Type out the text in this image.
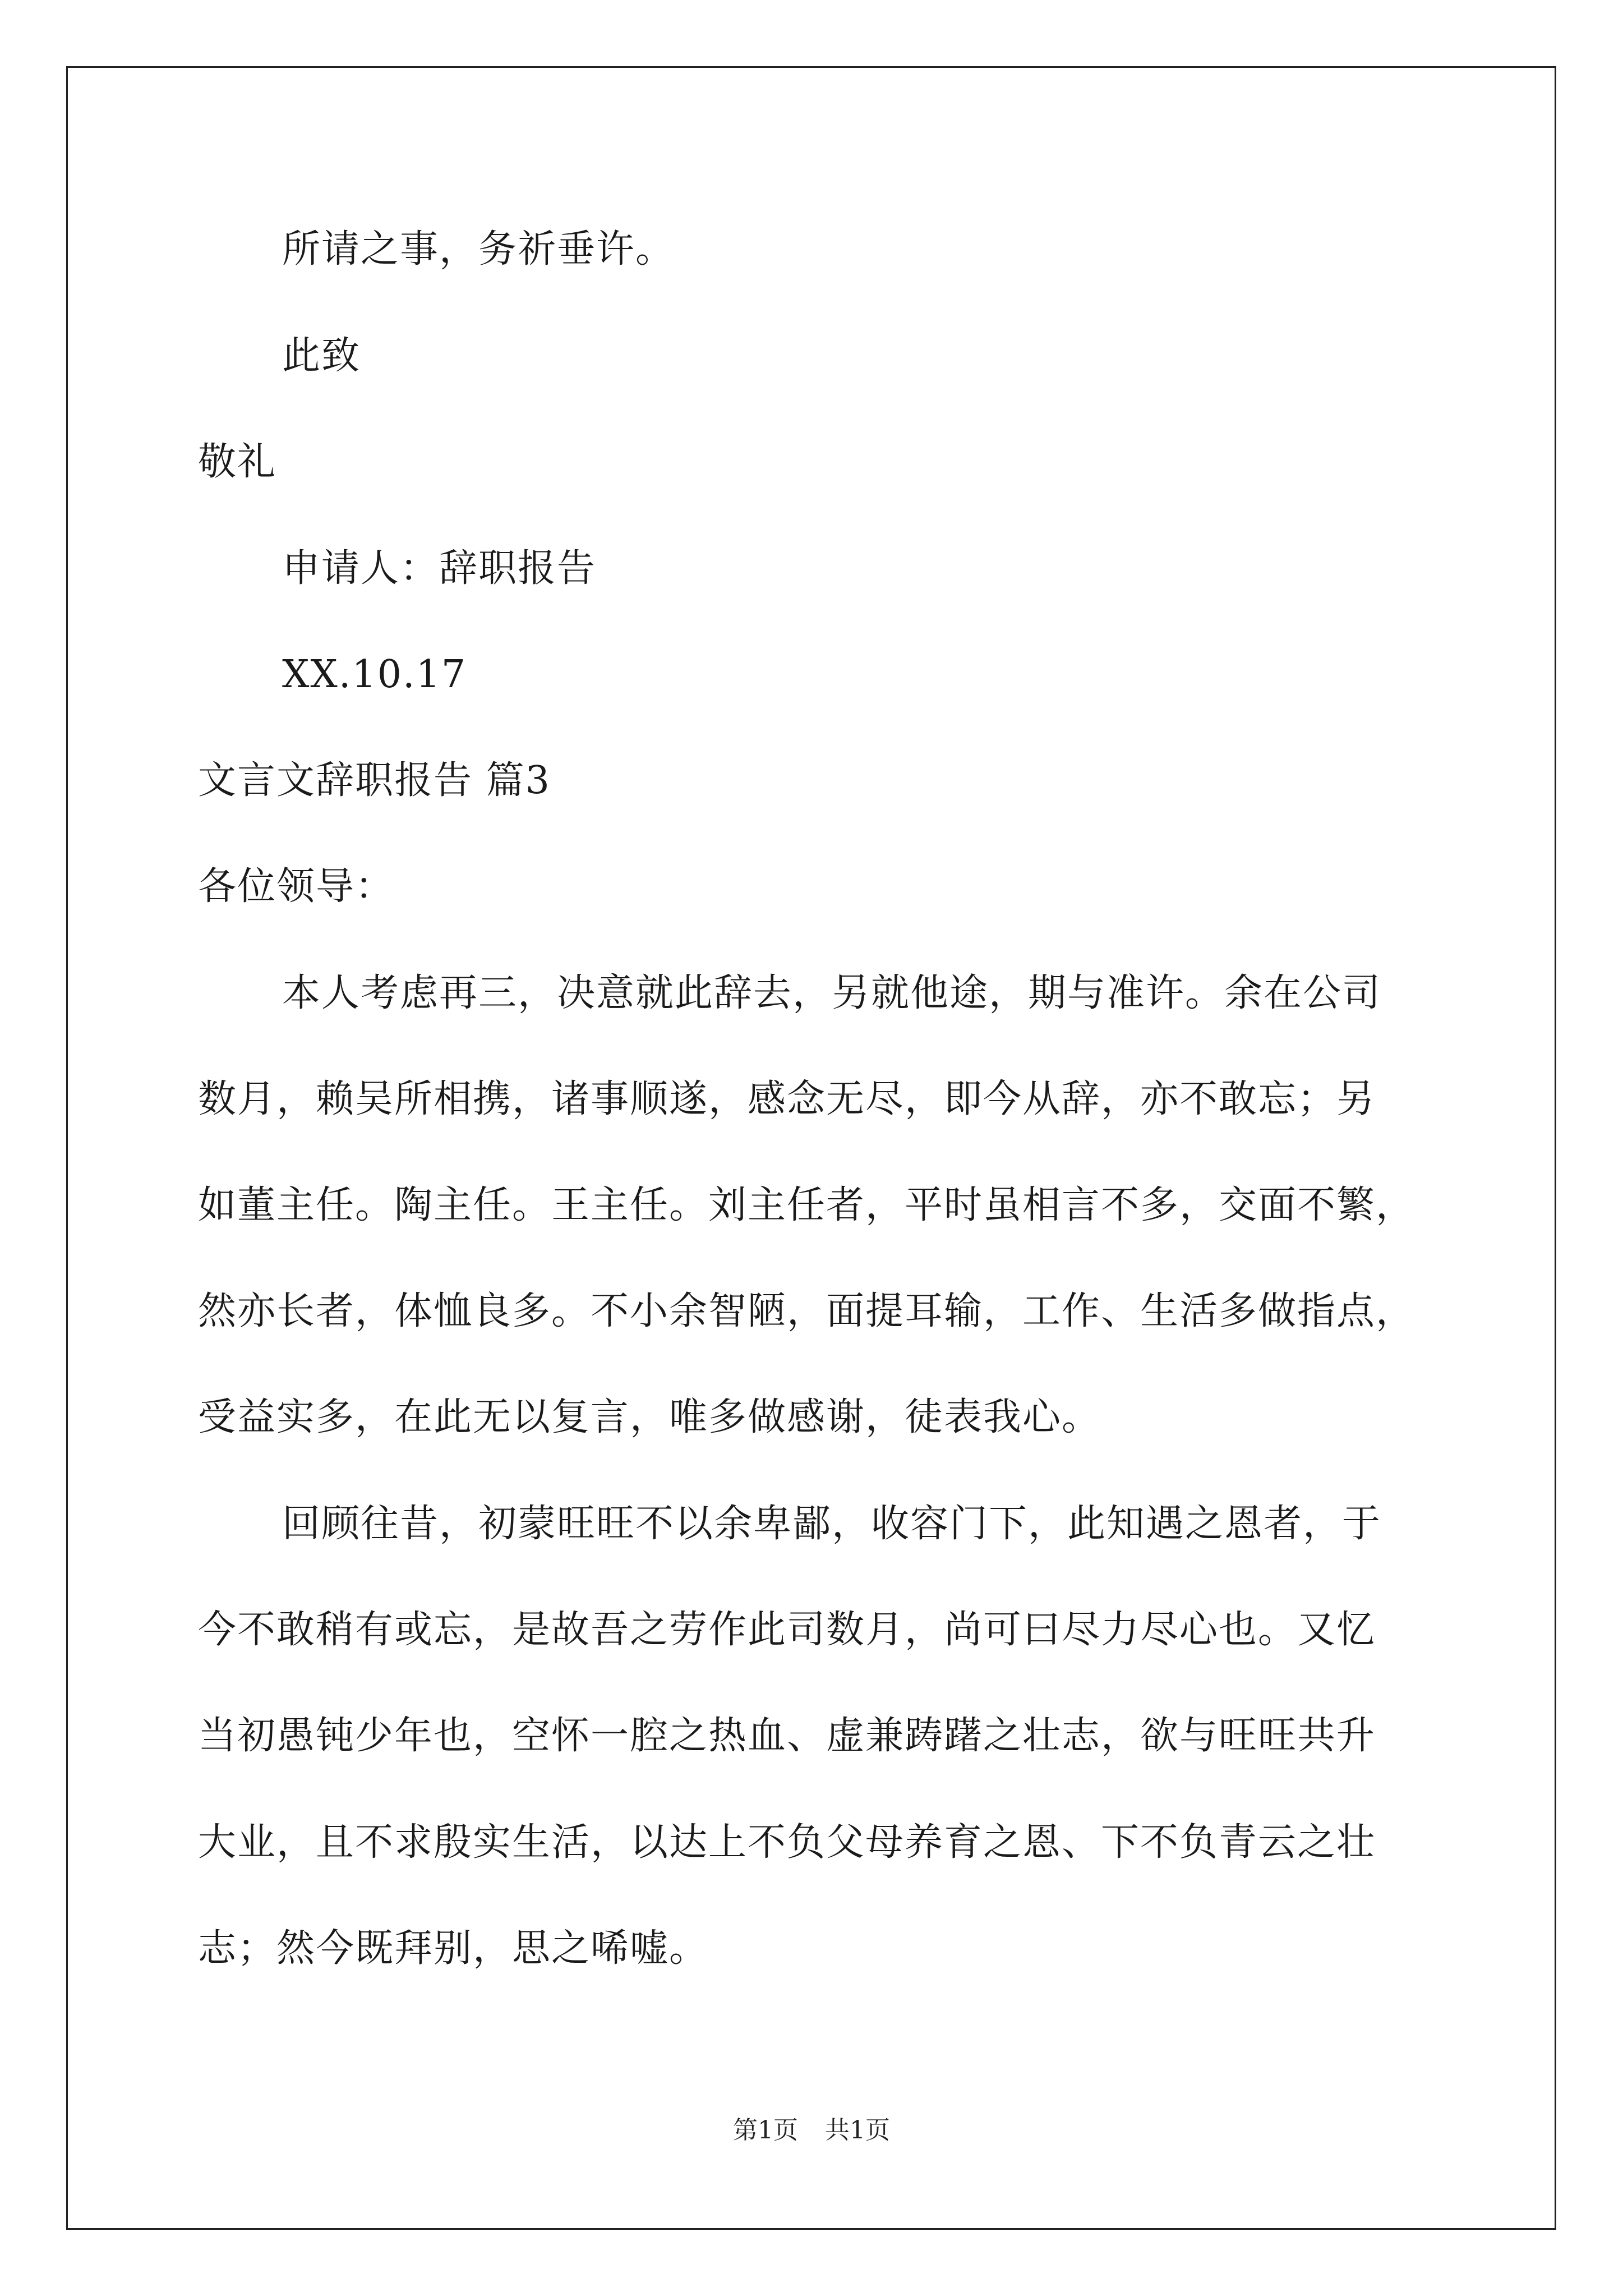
所请之事，务祈垂许。
此致
敬礼
申请人：辞职报告
XX.10.17
文言文辞职报告 篇3
各位领导：
本人考虑再三，决意就此辞去，另就他途，期与准许。余在公司
数月，赖吴所相携，诸事顺遂，感念无尽，即今从辞，亦不敢忘；另
如董主任。陶主任。王主任。刘主任者，平时虽相言不多，交面不繁，
然亦长者，体恤良多。不小余智陋，面提耳输，工作、生活多做指点，
受益实多，在此无以复言，唯多做感谢，徒表我心。
回顾往昔，初蒙旺旺不以余卑鄙，收容门下，此知遇之恩者，于
今不敢稍有或忘，是故吾之劳作此司数月，尚可曰尽力尽心也。又忆
当初愚钝少年也，空怀一腔之热血、虚兼踌躇之壮志，欲与旺旺共升
大业，且不求殷实生活，以达上不负父母养育之恩、下不负青云之壮
志；然今既拜别，思之唏嘘。
第1页 共1页
